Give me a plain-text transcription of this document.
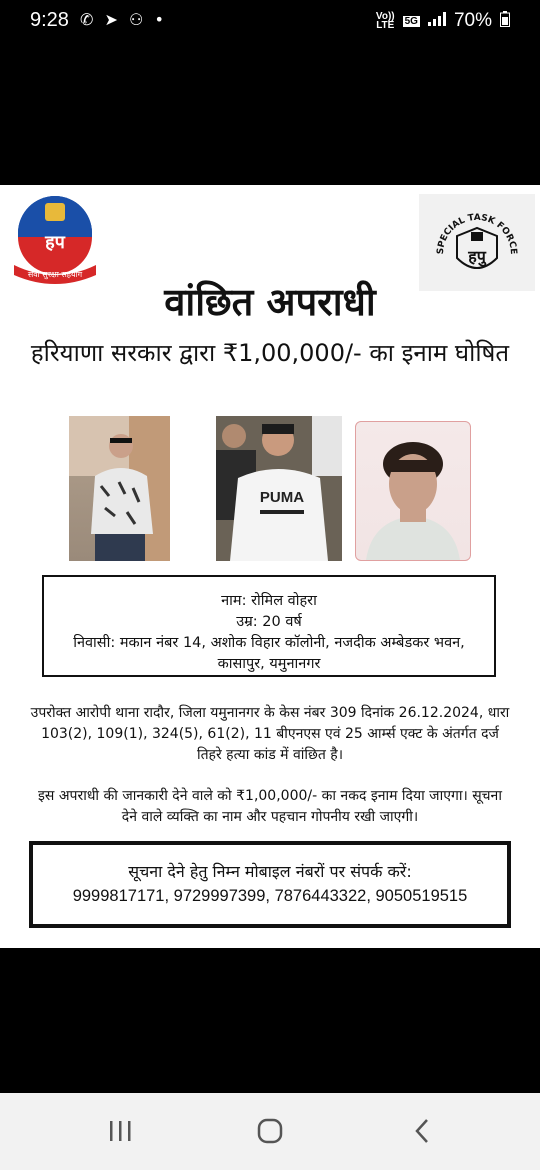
9:28 ✆ ➤ ⚇ •	Vo))
LTE 5G 70%
हप
सेवा सुरक्षा सहयोग
SPECIAL TASK FORCE
हपु
वांछित अपराधी
हरियाणा सरकार द्वारा ₹1,00,000/- का इनाम घोषित
PUMA
नाम: रोमिल वोहरा
उम्र: 20 वर्ष
निवासी: मकान नंबर 14, अशोक विहार कॉलोनी, नजदीक अम्बेडकर भवन, कासापुर, यमुनानगर
उपरोक्त आरोपी थाना रादौर, जिला यमुनानगर के केस नंबर 309 दिनांक 26.12.2024, धारा 103(2), 109(1), 324(5), 61(2), 11 बीएनएस एवं 25 आर्म्स एक्ट के अंतर्गत दर्ज तिहरे हत्या कांड में वांछित है।
इस अपराधी की जानकारी देने वाले को ₹1,00,000/- का नकद इनाम दिया जाएगा। सूचना देने वाले व्यक्ति का नाम और पहचान गोपनीय रखी जाएगी।
सूचना देने हेतु निम्न मोबाइल नंबरों पर संपर्क करें:
9999817171, 9729997399, 7876443322, 9050519515
